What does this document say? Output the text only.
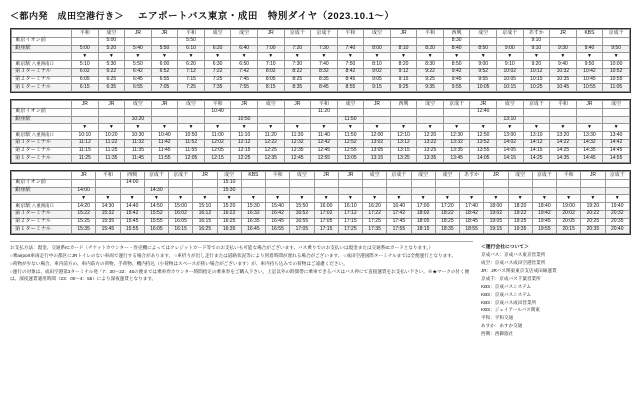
＜都内発　成田空港行き＞ エアポートバス東京・成田　特別ダイヤ（2023.10.1～）
	平和	成空	JR	JR	平和	成空	成空	JR	京成千	京成千	平和	成空	JR	平和	西興	成空	京成千	あすか	JR	KBS	京成千
東京イオン前		5:00			5:50										8:30			9:10			
銀座駅	5:00	5:20	5:40	5:50	6:10	6:20	6:40	7:00	7:20	7:30	7:40	8:00	8:10	8:20	8:40	8:50	9:00	9:10	9:30	9:40	9:50
	▼	▼	▼	▼	▼	▼	▼	▼	▼	▼	▼	▼	▼	▼	▼	▼	▼	▼	▼	▼	▼
東京駅 八重洲南口	5:10	5:30	5:50	6:00	6:20	6:30	6:50	7:10	7:30	7:40	7:50	8:10	8:20	8:30	8:50	9:00	9:10	9:20	9:40	9:50	10:00
第３ターミナル	6:02	6:22	6:42	6:52	7:12	7:22	7:42	8:02	8:22	8:32	8:42	9:02	9:12	9:22	9:42	9:52	10:02	10:12	10:32	10:42	10:52
第２ターミナル	6:05	6:25	6:45	6:55	7:15	7:25	7:45	8:05	8:25	8:35	8:45	9:05	9:15	9:25	9:45	9:55	10:05	10:15	10:35	10:45	10:55
第１ターミナル	6:15	6:35	6:55	7:05	7:25	7:35	7:55	8:15	8:35	8:45	8:55	9:15	9:25	9:35	9:55	10:05	10:15	10:25	10:45	10:55	11:05
	JR	JR	成空	JR	成空	平和	JR	成空	JR	平和	成空	JR	西興	成空	京成千	JR	成空	京成千	平和	JR	成空
東京イオン前						10:40				11:20						12:40					
銀座駅			10:20				10:50				11:50						13:10				
	▼	▼	▼	▼	▼	▼	▼	▼	▼	▼	▼	▼	▼	▼	▼	▼	▼	▼	▼	▼	▼
東京駅 八重洲南口	10:10	10:20	10:30	10:40	10:50	11:00	11:10	11:20	11:30	11:40	11:50	12:00	12:10	12:20	12:30	12:50	13:00	13:10	13:20	13:30	13:40
第３ターミナル	11:12	11:22	11:32	11:42	11:52	12:02	12:12	12:22	12:32	12:42	12:52	13:02	13:12	13:22	13:32	13:52	14:02	14:12	14:22	14:32	14:42
第２ターミナル	11:15	11:25	11:35	11:45	11:55	12:05	12:15	12:25	12:35	12:45	12:55	13:05	13:15	13:25	13:35	13:55	14:05	14:15	14:25	14:35	14:45
第１ターミナル	11:25	11:35	11:45	11:55	12:05	12:15	12:25	12:35	12:45	12:55	13:05	13:15	13:25	13:35	13:45	14:05	14:15	14:25	14:35	14:45	14:55
	JR	平和	西興	京成千	京成千	JR	成空	KBS	平和	成空	JR	JR	成空	京成千	成空	成空	あすか	JR	成空	京成千	平和	JR	京成千
東京イオン前			14:00				15:10																
銀座駅	14:00			14:30			15:30																
	▼	▼	▼	▼	▼	▼	▼	▼	▼	▼	▼	▼	▼	▼	▼	▼	▼	▼	▼	▼	▼	▼	▼
東京駅 八重洲南口	14:20	14:30	14:40	14:50	15:00	15:10	15:20	15:30	15:40	15:50	16:00	16:10	16:20	16:40	17:00	17:20	17:40	18:00	18:20	18:40	19:00	19:20	19:40
第３ターミナル	15:22	15:32	15:42	15:52	16:02	16:12	16:22	16:32	16:42	16:52	17:02	17:12	17:22	17:42	18:02	18:22	18:42	19:02	19:22	19:42	20:02	20:22	20:32
第２ターミナル	15:25	15:35	15:45	15:55	16:05	16:15	16:25	16:35	16:45	16:55	17:05	17:15	17:25	17:45	18:05	18:25	18:45	19:05	19:25	19:45	20:05	20:25	20:35
第１ターミナル	15:35	15:45	15:55	16:05	16:15	16:25	16:35	16:45	16:55	17:05	17:15	17:25	17:35	17:55	18:15	18:35	18:55	19:15	19:35	19:55	20:15	20:35	20:40

お支払方法：現金、交通系ICカード（チケットカウンター・券売機によってはクレジットカード等でのお支払いも可能な場合がございます。バス乗りでのお支払いは現金または交通系ICカードとなります。）

○乗airport車両走行中の都区にJRトイレのない車両で運行する場合があります。 ○車折りが出し走行または道路状況等により到着時間が遅れる場合がございます。 ○成田空港国際ターミナルまでは全便運行となります。

○荷物が少ない場合、車内前方の、車内前方の荷物、手荷物、機内持込（小荷物はスペースが狭い場合がございます）が、車内持ち込みでの荷物はご遠慮ください。

○運行の対象は、成田空港第3ターミナル発「7：30～22：45の便までは乗車券カウンター時間指定の乗車券をご購入下さい。上記以外の時間帯に乗車できるバスはバス停にて直接運賃をお支払い下さい。※★マークの付く便は、深夜運賃適用時間（23：00～4：55）により深夜運賃となります。

＜運行会社について＞

京成バス：京成バス東京営業所

成空：京成バス成田空港営業所

JR：JRバス関東東京支店成田線運賃

京成千：京成バス千葉営業所

KBS：京成バスシステム

KBS：京成バスシステム

KBS：京成バス成田営業所

KBS：ジェイアールバス関東

平和：平和交通

あすか：あすか交通

西興：西御旅社
